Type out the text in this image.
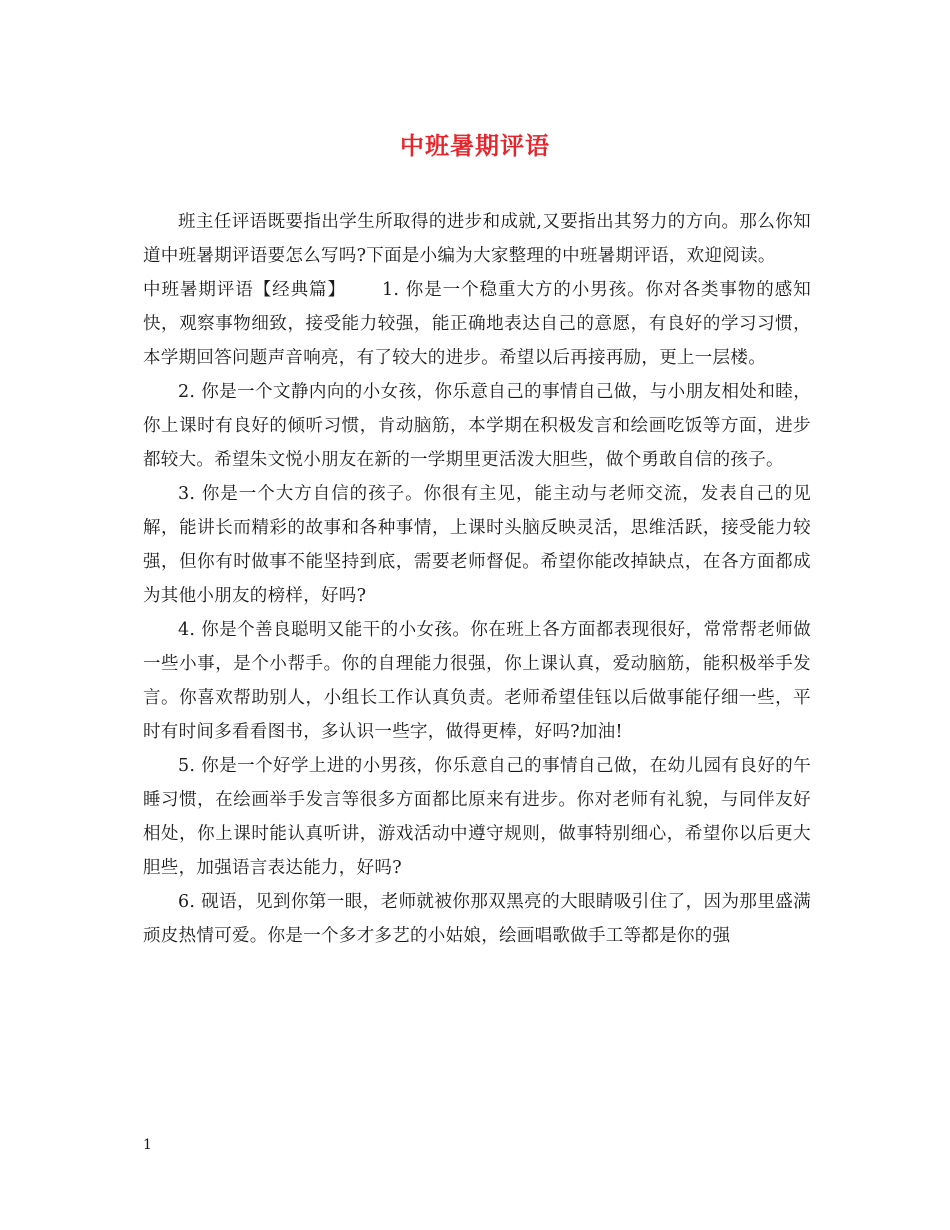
中班暑期评语

班主任评语既要指出学生所取得的进步和成就,又要指出其努力的方向。那么你知道中班暑期评语要怎么写吗?下面是小编为大家整理的中班暑期评语，欢迎阅读。

中班暑期评语【经典篇】 1. 你是一个稳重大方的小男孩。你对各类事物的感知快，观察事物细致，接受能力较强，能正确地表达自己的意愿，有良好的学习习惯，本学期回答问题声音响亮，有了较大的进步。希望以后再接再励，更上一层楼。

2. 你是一个文静内向的小女孩，你乐意自己的事情自己做，与小朋友相处和睦，你上课时有良好的倾听习惯，肯动脑筋，本学期在积极发言和绘画吃饭等方面，进步都较大。希望朱文悦小朋友在新的一学期里更活泼大胆些，做个勇敢自信的孩子。

3. 你是一个大方自信的孩子。你很有主见，能主动与老师交流，发表自己的见解，能讲长而精彩的故事和各种事情，上课时头脑反映灵活，思维活跃，接受能力较强，但你有时做事不能坚持到底，需要老师督促。希望你能改掉缺点，在各方面都成为其他小朋友的榜样，好吗?

4. 你是个善良聪明又能干的小女孩。你在班上各方面都表现很好，常常帮老师做一些小事，是个小帮手。你的自理能力很强，你上课认真，爱动脑筋，能积极举手发言。你喜欢帮助别人，小组长工作认真负责。老师希望佳钰以后做事能仔细一些，平时有时间多看看图书，多认识一些字，做得更棒，好吗?加油!

5. 你是一个好学上进的小男孩，你乐意自己的事情自己做，在幼儿园有良好的午睡习惯，在绘画举手发言等很多方面都比原来有进步。你对老师有礼貌，与同伴友好相处，你上课时能认真听讲，游戏活动中遵守规则，做事特别细心，希望你以后更大胆些，加强语言表达能力，好吗?

6. 砚语，见到你第一眼，老师就被你那双黑亮的大眼睛吸引住了，因为那里盛满顽皮热情可爱。你是一个多才多艺的小姑娘，绘画唱歌做手工等都是你的强

1
